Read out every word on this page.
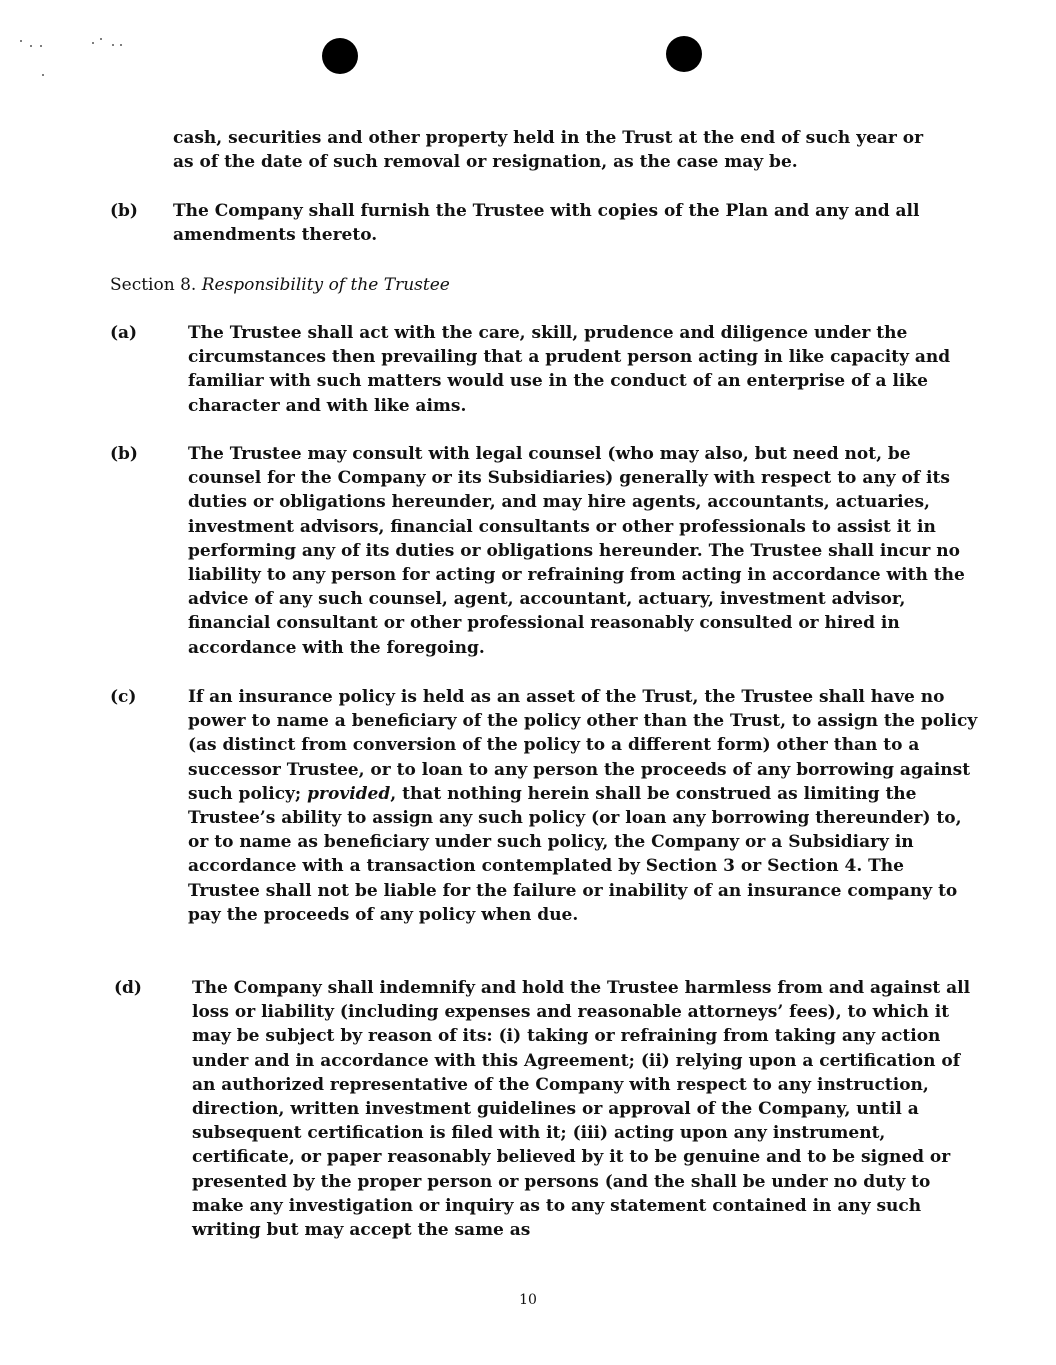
cash, securities and other property held in the Trust at the end of such year or
as of the date of such removal or resignation, as the case may be.
(b) The Company shall furnish the Trustee with copies of the Plan and any and all amendments thereto.
Section 8. Responsibility of the Trustee
(a)	The Trustee shall act with the care, skill, prudence and diligence under the circumstances then prevailing that a prudent person acting in like capacity and familiar with such matters would use in the conduct of an enterprise of a like character and with like aims.
(b)	The Trustee may consult with legal counsel (who may also, but need not, be counsel for the Company or its Subsidiaries) generally with respect to any of its duties or obligations hereunder, and may hire agents, accountants, actuaries, investment advisors, financial consultants or other professionals to assist it in performing any of its duties or obligations hereunder. The Trustee shall incur no liability to any person for acting or refraining from acting in accordance with the advice of any such counsel, agent, accountant, actuary, investment advisor, financial consultant or other professional reasonably consulted or hired in accordance with the foregoing.
(c)	If an insurance policy is held as an asset of the Trust, the Trustee shall have no power to name a beneficiary of the policy other than the Trust, to assign the policy (as distinct from conversion of the policy to a different form) other than to a successor Trustee, or to loan to any person the proceeds of any borrowing against such policy; provided, that nothing herein shall be construed as limiting the Trustee’s ability to assign any such policy (or loan any borrowing thereunder) to, or to name as beneficiary under such policy, the Company or a Subsidiary in accordance with a transaction contemplated by Section 3 or Section 4. The Trustee shall not be liable for the failure or inability of an insurance company to pay the proceeds of any policy when due.
(d)	The Company shall indemnify and hold the Trustee harmless from and against all loss or liability (including expenses and reasonable attorneys’ fees), to which it may be subject by reason of its: (i) taking or refraining from taking any action under and in accordance with this Agreement; (ii) relying upon a certification of an authorized representative of the Company with respect to any instruction, direction, written investment guidelines or approval of the Company, until a subsequent certification is filed with it; (iii) acting upon any instrument, certificate, or paper reasonably believed by it to be genuine and to be signed or presented by the proper person or persons (and the shall be under no duty to make any investigation or inquiry as to any statement contained in any such writing but may accept the same as
10
